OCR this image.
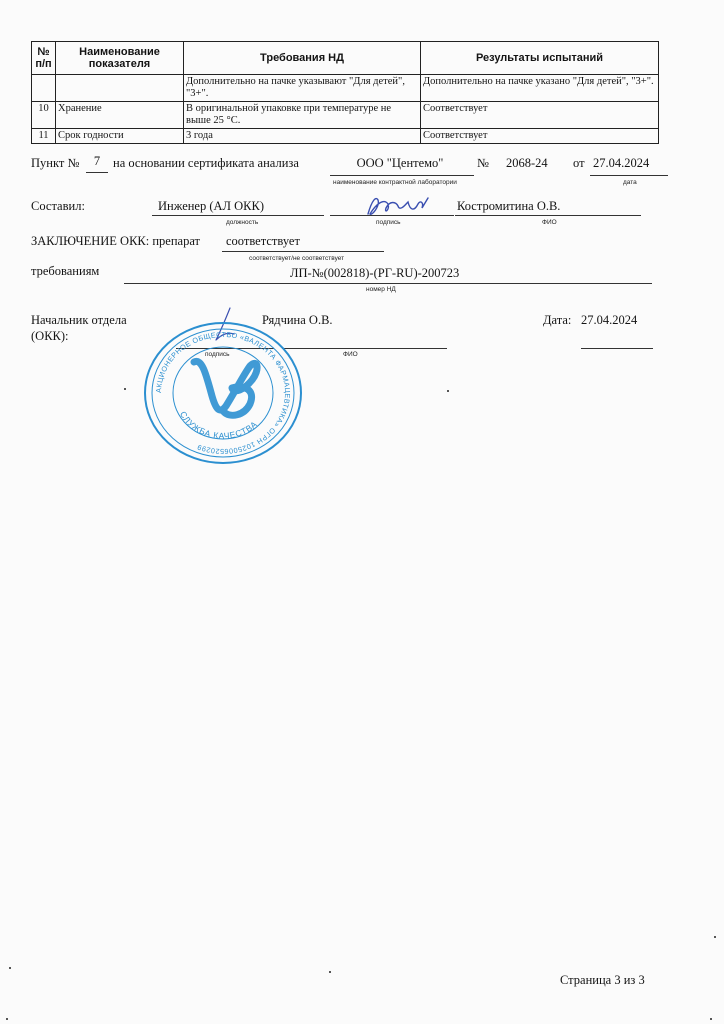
№ п/п	Наименование показателя	Требования НД	Результаты испытаний
		Дополнительно на пачке указывают "Для детей", "3+".	Дополнительно на пачке указано "Для детей", "3+".
10	Хранение	В оригинальной упаковке при температуре не выше 25 °С.	Соответствует
11	Срок годности	3 года	Соответствует
Пункт №	7	на основании сертификата анализа	ООО "Центемо"
наименование контрактной лаборатории
№ 2068-24 от 27.04.2024
дата
Составил:	Инженер (АЛ ОКК)
должность	подпись
Костромитина О.В.
ФИО
ЗАКЛЮЧЕНИЕ ОКК: препарат соответствует
соответствует/не соответствует
требованиям	ЛП-№(002818)-(РГ-RU)-200723
номер НД
Начальник отдела
(ОКК):
Рядчина О.В.
подпись	ФИО
Дата: 27.04.2024
АКЦИОНЕРНОЕ ОБЩЕСТВО «ВАЛЕНТА ФАРМАЦЕВТИКА» ОГРН 1025006520299
СЛУЖБА КАЧЕСТВА
Страница 3 из 3
